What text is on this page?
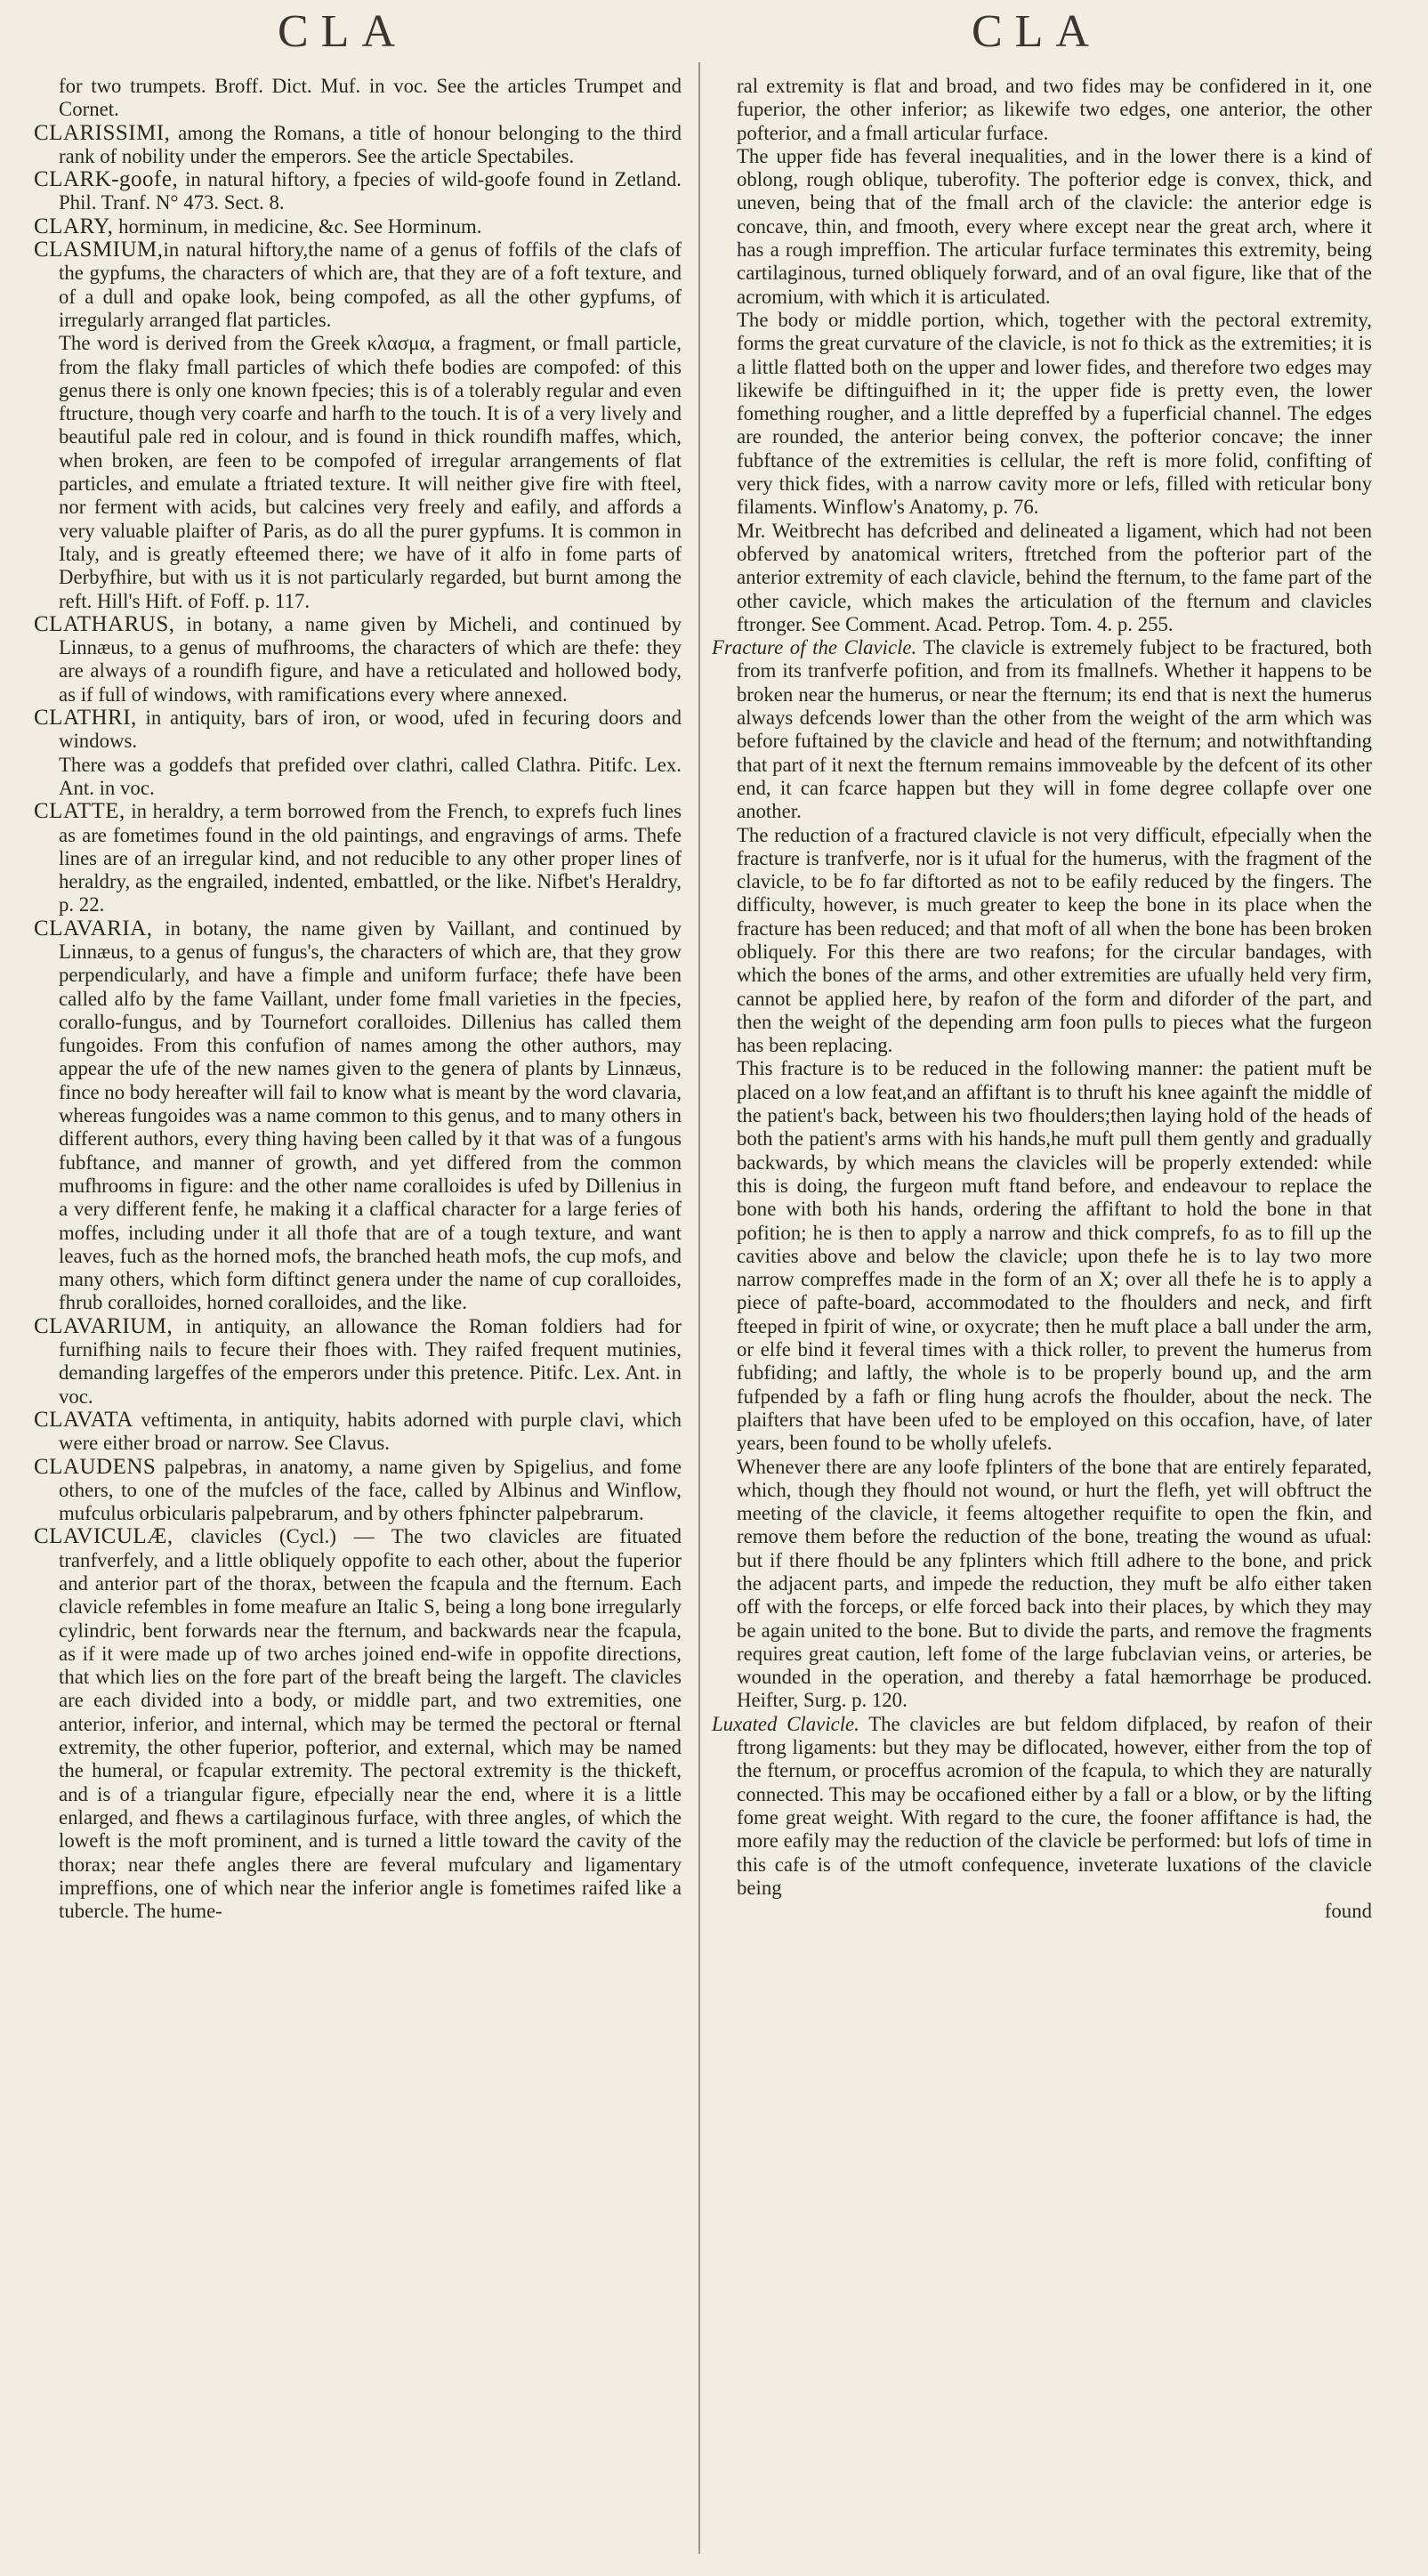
CLA	CLA

for two trumpets. Broff. Dict. Muf. in voc. See the articles Trumpet and Cornet.

CLARISSIMI, among the Romans, a title of honour belonging to the third rank of nobility under the emperors. See the article Spectabiles.

CLARK-goofe, in natural hiftory, a fpecies of wild-goofe found in Zetland. Phil. Tranf. N° 473. Sect. 8.

CLARY, horminum, in medicine, &c. See Horminum.

CLASMIUM,in natural hiftory,the name of a genus of foffils of the clafs of the gypfums, the characters of which are, that they are of a foft texture, and of a dull and opake look, being compofed, as all the other gypfums, of irregularly arranged flat particles.

The word is derived from the Greek κλασμα, a fragment, or fmall particle, from the flaky fmall particles of which thefe bodies are compofed: of this genus there is only one known fpecies; this is of a tolerably regular and even ftructure, though very coarfe and harfh to the touch. It is of a very lively and beautiful pale red in colour, and is found in thick roundifh maffes, which, when broken, are feen to be compofed of irregular arrangements of flat particles, and emulate a ftriated texture. It will neither give fire with fteel, nor ferment with acids, but calcines very freely and eafily, and affords a very valuable plaifter of Paris, as do all the purer gypfums. It is common in Italy, and is greatly efteemed there; we have of it alfo in fome parts of Derbyfhire, but with us it is not particularly regarded, but burnt among the reft. Hill's Hift. of Foff. p. 117.

CLATHARUS, in botany, a name given by Micheli, and continued by Linnæus, to a genus of mufhrooms, the characters of which are thefe: they are always of a roundifh figure, and have a reticulated and hollowed body, as if full of windows, with ramifications every where annexed.

CLATHRI, in antiquity, bars of iron, or wood, ufed in fecuring doors and windows.

There was a goddefs that prefided over clathri, called Clathra. Pitifc. Lex. Ant. in voc.

CLATTE, in heraldry, a term borrowed from the French, to exprefs fuch lines as are fometimes found in the old paintings, and engravings of arms. Thefe lines are of an irregular kind, and not reducible to any other proper lines of heraldry, as the engrailed, indented, embattled, or the like. Nifbet's Heraldry, p. 22.

CLAVARIA, in botany, the name given by Vaillant, and continued by Linnæus, to a genus of fungus's, the characters of which are, that they grow perpendicularly, and have a fimple and uniform furface; thefe have been called alfo by the fame Vaillant, under fome fmall varieties in the fpecies, corallo-fungus, and by Tournefort coralloides. Dillenius has called them fungoides. From this confufion of names among the other authors, may appear the ufe of the new names given to the genera of plants by Linnæus, fince no body hereafter will fail to know what is meant by the word clavaria, whereas fungoides was a name common to this genus, and to many others in different authors, every thing having been called by it that was of a fungous fubftance, and manner of growth, and yet differed from the common mufhrooms in figure: and the other name coralloides is ufed by Dillenius in a very different fenfe, he making it a claffical character for a large feries of moffes, including under it all thofe that are of a tough texture, and want leaves, fuch as the horned mofs, the branched heath mofs, the cup mofs, and many others, which form diftinct genera under the name of cup coralloides, fhrub coralloides, horned coralloides, and the like.

CLAVARIUM, in antiquity, an allowance the Roman foldiers had for furnifhing nails to fecure their fhoes with. They raifed frequent mutinies, demanding largeffes of the emperors under this pretence. Pitifc. Lex. Ant. in voc.

CLAVATA veftimenta, in antiquity, habits adorned with purple clavi, which were either broad or narrow. See Clavus.

CLAUDENS palpebras, in anatomy, a name given by Spigelius, and fome others, to one of the mufcles of the face, called by Albinus and Winflow, mufculus orbicularis palpebrarum, and by others fphincter palpebrarum.

CLAVICULÆ, clavicles (Cycl.) — The two clavicles are fituated tranfverfely, and a little obliquely oppofite to each other, about the fuperior and anterior part of the thorax, between the fcapula and the fternum. Each clavicle refembles in fome meafure an Italic S, being a long bone irregularly cylindric, bent forwards near the fternum, and backwards near the fcapula, as if it were made up of two arches joined end-wife in oppofite directions, that which lies on the fore part of the breaft being the largeft. The clavicles are each divided into a body, or middle part, and two extremities, one anterior, inferior, and internal, which may be termed the pectoral or fternal extremity, the other fuperior, pofterior, and external, which may be named the humeral, or fcapular extremity. The pectoral extremity is the thickeft, and is of a triangular figure, efpecially near the end, where it is a little enlarged, and fhews a cartilaginous furface, with three angles, of which the loweft is the moft prominent, and is turned a little toward the cavity of the thorax; near thefe angles there are feveral mufculary and ligamentary impreffions, one of which near the inferior angle is fometimes raifed like a tubercle. The hume-

ral extremity is flat and broad, and two fides may be confidered in it, one fuperior, the other inferior; as likewife two edges, one anterior, the other pofterior, and a fmall articular furface.

The upper fide has feveral inequalities, and in the lower there is a kind of oblong, rough oblique, tuberofity. The pofterior edge is convex, thick, and uneven, being that of the fmall arch of the clavicle: the anterior edge is concave, thin, and fmooth, every where except near the great arch, where it has a rough impreffion. The articular furface terminates this extremity, being cartilaginous, turned obliquely forward, and of an oval figure, like that of the acromium, with which it is articulated.

The body or middle portion, which, together with the pectoral extremity, forms the great curvature of the clavicle, is not fo thick as the extremities; it is a little flatted both on the upper and lower fides, and therefore two edges may likewife be diftinguifhed in it; the upper fide is pretty even, the lower fomething rougher, and a little depreffed by a fuperficial channel. The edges are rounded, the anterior being convex, the pofterior concave; the inner fubftance of the extremities is cellular, the reft is more folid, confifting of very thick fides, with a narrow cavity more or lefs, filled with reticular bony filaments. Winflow's Anatomy, p. 76.

Mr. Weitbrecht has defcribed and delineated a ligament, which had not been obferved by anatomical writers, ftretched from the pofterior part of the anterior extremity of each clavicle, behind the fternum, to the fame part of the other cavicle, which makes the articulation of the fternum and clavicles ftronger. See Comment. Acad. Petrop. Tom. 4. p. 255.

Fracture of the Clavicle. The clavicle is extremely fubject to be fractured, both from its tranfverfe pofition, and from its fmallnefs. Whether it happens to be broken near the humerus, or near the fternum; its end that is next the humerus always defcends lower than the other from the weight of the arm which was before fuftained by the clavicle and head of the fternum; and notwithftanding that part of it next the fternum remains immoveable by the defcent of its other end, it can fcarce happen but they will in fome degree collapfe over one another.

The reduction of a fractured clavicle is not very difficult, efpecially when the fracture is tranfverfe, nor is it ufual for the humerus, with the fragment of the clavicle, to be fo far diftorted as not to be eafily reduced by the fingers. The difficulty, however, is much greater to keep the bone in its place when the fracture has been reduced; and that moft of all when the bone has been broken obliquely. For this there are two reafons; for the circular bandages, with which the bones of the arms, and other extremities are ufually held very firm, cannot be applied here, by reafon of the form and diforder of the part, and then the weight of the depending arm foon pulls to pieces what the furgeon has been replacing.

This fracture is to be reduced in the following manner: the patient muft be placed on a low feat,and an affiftant is to thruft his knee againft the middle of the patient's back, between his two fhoulders;then laying hold of the heads of both the patient's arms with his hands,he muft pull them gently and gradually backwards, by which means the clavicles will be properly extended: while this is doing, the furgeon muft ftand before, and endeavour to replace the bone with both his hands, ordering the affiftant to hold the bone in that pofition; he is then to apply a narrow and thick comprefs, fo as to fill up the cavities above and below the clavicle; upon thefe he is to lay two more narrow compreffes made in the form of an X; over all thefe he is to apply a piece of pafte-board, accommodated to the fhoulders and neck, and firft fteeped in fpirit of wine, or oxycrate; then he muft place a ball under the arm, or elfe bind it feveral times with a thick roller, to prevent the humerus from fubfiding; and laftly, the whole is to be properly bound up, and the arm fufpended by a fafh or fling hung acrofs the fhoulder, about the neck. The plaifters that have been ufed to be employed on this occafion, have, of later years, been found to be wholly ufelefs.

Whenever there are any loofe fplinters of the bone that are entirely feparated, which, though they fhould not wound, or hurt the flefh, yet will obftruct the meeting of the clavicle, it feems altogether requifite to open the fkin, and remove them before the reduction of the bone, treating the wound as ufual: but if there fhould be any fplinters which ftill adhere to the bone, and prick the adjacent parts, and impede the reduction, they muft be alfo either taken off with the forceps, or elfe forced back into their places, by which they may be again united to the bone. But to divide the parts, and remove the fragments requires great caution, left fome of the large fubclavian veins, or arteries, be wounded in the operation, and thereby a fatal hæmorrhage be produced. Heifter, Surg. p. 120.

Luxated Clavicle. The clavicles are but feldom difplaced, by reafon of their ftrong ligaments: but they may be diflocated, however, either from the top of the fternum, or proceffus acromion of the fcapula, to which they are naturally connected. This may be occafioned either by a fall or a blow, or by the lifting fome great weight. With regard to the cure, the fooner affiftance is had, the more eafily may the reduction of the clavicle be performed: but lofs of time in this cafe is of the utmoft confequence, inveterate luxations of the clavicle being

found
